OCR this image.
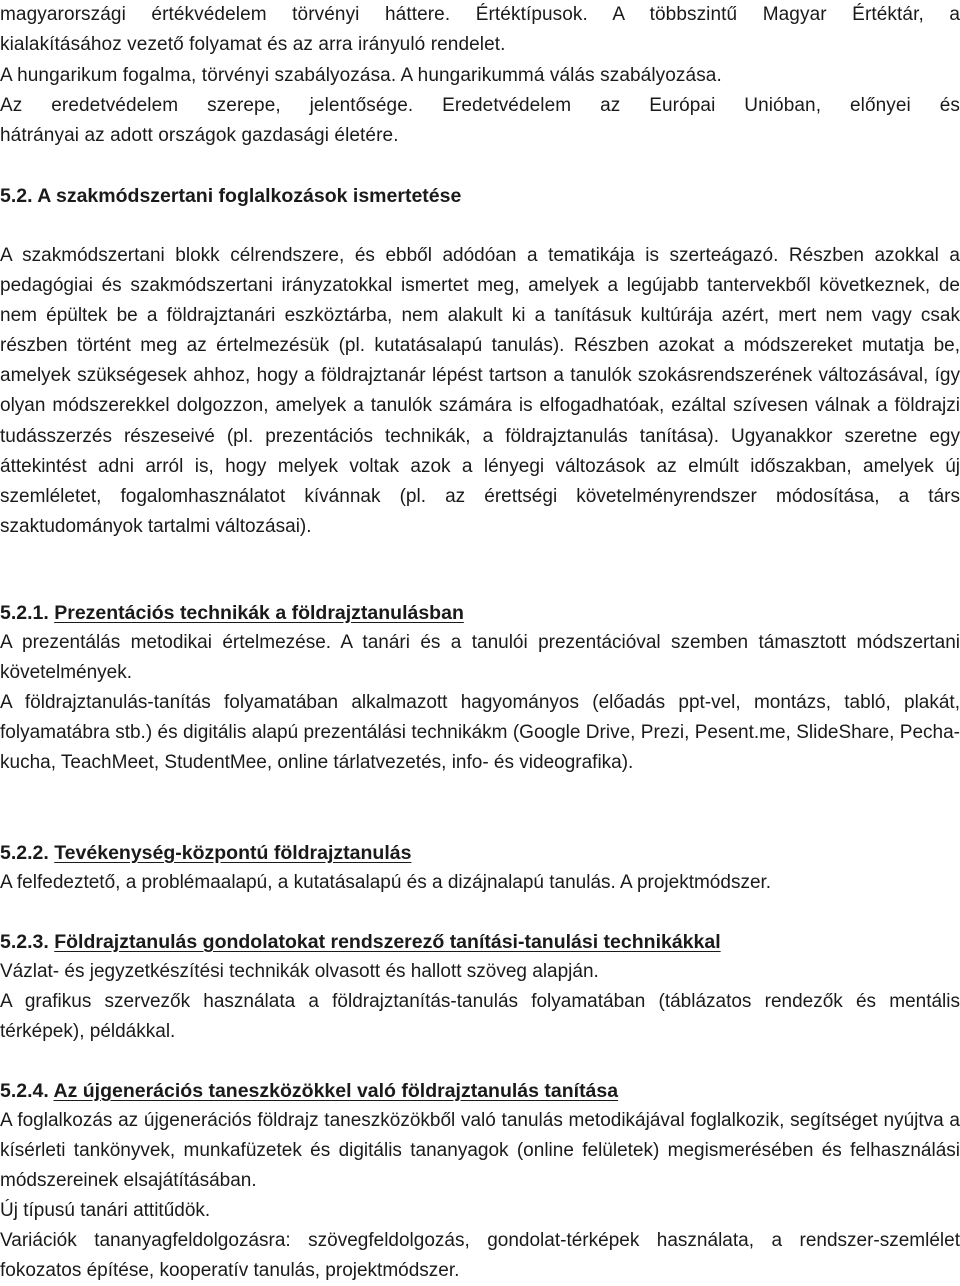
magyarországi értékvédelem törvényi háttere. Értéktípusok. A többszintű Magyar Értéktár, a
kialakításához vezető folyamat és az arra irányuló rendelet.
A hungarikum fogalma, törvényi szabályozása. A hungarikummá válás szabályozása.
Az eredetvédelem szerepe, jelentősége. Eredetvédelem az Európai Unióban, előnyei és
hátrányai az adott országok gazdasági életére.
5.2. A szakmódszertani foglalkozások ismertetése
A szakmódszertani blokk célrendszere, és ebből adódóan a tematikája is szerteágazó. Részben azokkal a pedagógiai és szakmódszertani irányzatokkal ismertet meg, amelyek a legújabb tantervekből következnek, de nem épültek be a földrajztanári eszköztárba, nem alakult ki a tanításuk kultúrája azért, mert nem vagy csak részben történt meg az értelmezésük (pl. kutatásalapú tanulás). Részben azokat a módszereket mutatja be, amelyek szükségesek ahhoz, hogy a földrajztanár lépést tartson a tanulók szokásrendszerének változásával, így olyan módszerekkel dolgozzon, amelyek a tanulók számára is elfogadhatóak, ezáltal szívesen válnak a földrajzi tudásszerzés részeseivé (pl. prezentációs technikák, a földrajztanulás tanítása). Ugyanakkor szeretne egy áttekintést adni arról is, hogy melyek voltak azok a lényegi változások az elmúlt időszakban, amelyek új szemléletet, fogalomhasználatot kívánnak (pl. az érettségi követelményrendszer módosítása, a társ szaktudományok tartalmi változásai).
5.2.1. Prezentációs technikák a földrajztanulásban
A prezentálás metodikai értelmezése. A tanári és a tanulói prezentációval szemben támasztott módszertani követelmények.
A földrajztanulás-tanítás folyamatában alkalmazott hagyományos (előadás ppt-vel, montázs, tabló, plakát, folyamatábra stb.) és digitális alapú prezentálási technikákm (Google Drive, Prezi, Pesent.me, SlideShare, Pecha-kucha, TeachMeet, StudentMee, online tárlatvezetés, info- és videografika).
5.2.2. Tevékenység-központú földrajztanulás
A felfedeztető, a problémaalapú, a kutatásalapú és a dizájnalapú tanulás. A projektmódszer.
5.2.3. Földrajztanulás gondolatokat rendszerező tanítási-tanulási technikákkal
Vázlat- és jegyzetkészítési technikák olvasott és hallott szöveg alapján.
A grafikus szervezők használata a földrajztanítás-tanulás folyamatában (táblázatos rendezők és mentális térképek), példákkal.
5.2.4. Az újgenerációs taneszközökkel való földrajztanulás tanítása
A foglalkozás az újgenerációs földrajz taneszközökből való tanulás metodikájával foglalkozik, segítséget nyújtva a kísérleti tankönyvek, munkafüzetek és digitális tananyagok (online felületek) megismerésében és felhasználási módszereinek elsajátításában.
Új típusú tanári attitűdök.
Variációk tananyagfeldolgozásra: szövegfeldolgozás, gondolat-térképek használata, a rendszer-szemlélet fokozatos építése, kooperatív tanulás, projektmódszer.
